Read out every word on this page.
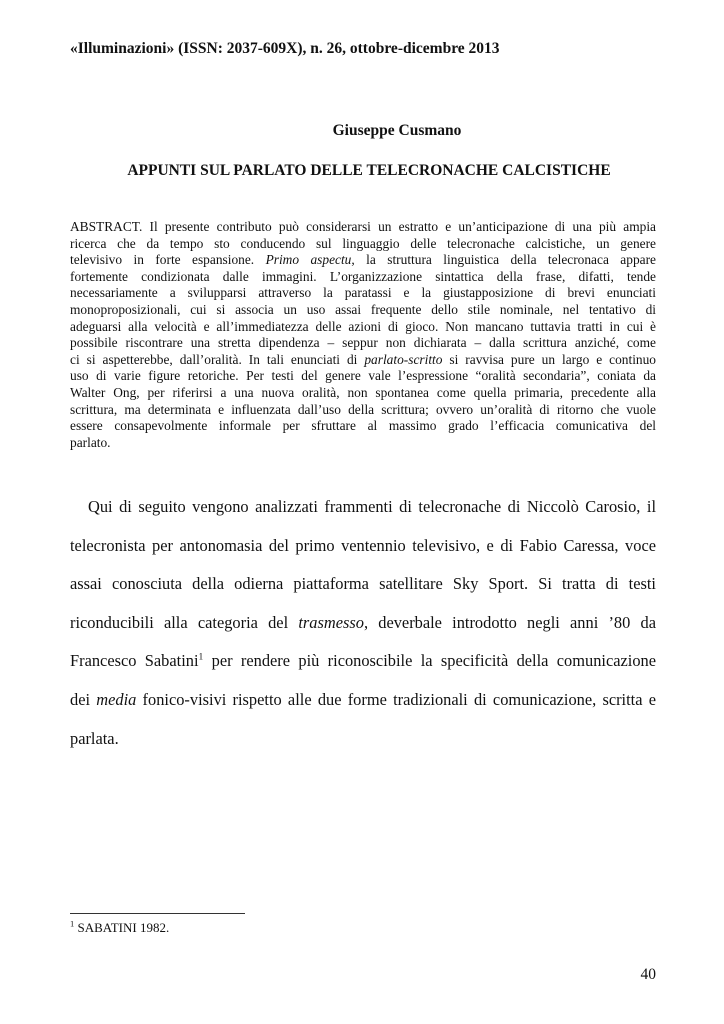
«Illuminazioni» (ISSN: 2037-609X), n. 26, ottobre-dicembre 2013
Giuseppe Cusmano
APPUNTI SUL PARLATO DELLE TELECRONACHE CALCISTICHE
ABSTRACT. Il presente contributo può considerarsi un estratto e un’anticipazione di una più ampia
ricerca che da tempo sto conducendo sul linguaggio delle telecronache calcistiche, un genere
televisivo in forte espansione. Primo aspectu, la struttura linguistica della telecronaca appare
fortemente condizionata dalle immagini. L’organizzazione sintattica della frase, difatti, tende
necessariamente a svilupparsi attraverso la paratassi e la giustapposizione di brevi enunciati
monoproposizionali, cui si associa un uso assai frequente dello stile nominale, nel tentativo di
adeguarsi alla velocità e all’immediatezza delle azioni di gioco. Non mancano tuttavia tratti in cui è
possibile riscontrare una stretta dipendenza – seppur non dichiarata – dalla scrittura anziché, come
ci si aspetterebbe, dall’oralità. In tali enunciati di parlato-scritto si ravvisa pure un largo e continuo
uso di varie figure retoriche. Per testi del genere vale l’espressione “oralità secondaria”, coniata da
Walter Ong, per riferirsi a una nuova oralità, non spontanea come quella primaria, precedente alla
scrittura, ma determinata e influenzata dall’uso della scrittura; ovvero un’oralità di ritorno che vuole
essere consapevolmente informale per sfruttare al massimo grado l’efficacia comunicativa del
parlato.
Qui di seguito vengono analizzati frammenti di telecronache di Niccolò Carosio, il
telecronista per antonomasia del primo ventennio televisivo, e di Fabio Caressa, voce
assai conosciuta della odierna piattaforma satellitare Sky Sport. Si tratta di testi
riconducibili alla categoria del trasmesso, deverbale introdotto negli anni ’80 da
Francesco Sabatini$^1$ per rendere più riconoscibile la specificità della comunicazione
dei media fonico-visivi rispetto alle due forme tradizionali di comunicazione, scritta e
parlata.
$^1$ SABATINI 1982.
40
